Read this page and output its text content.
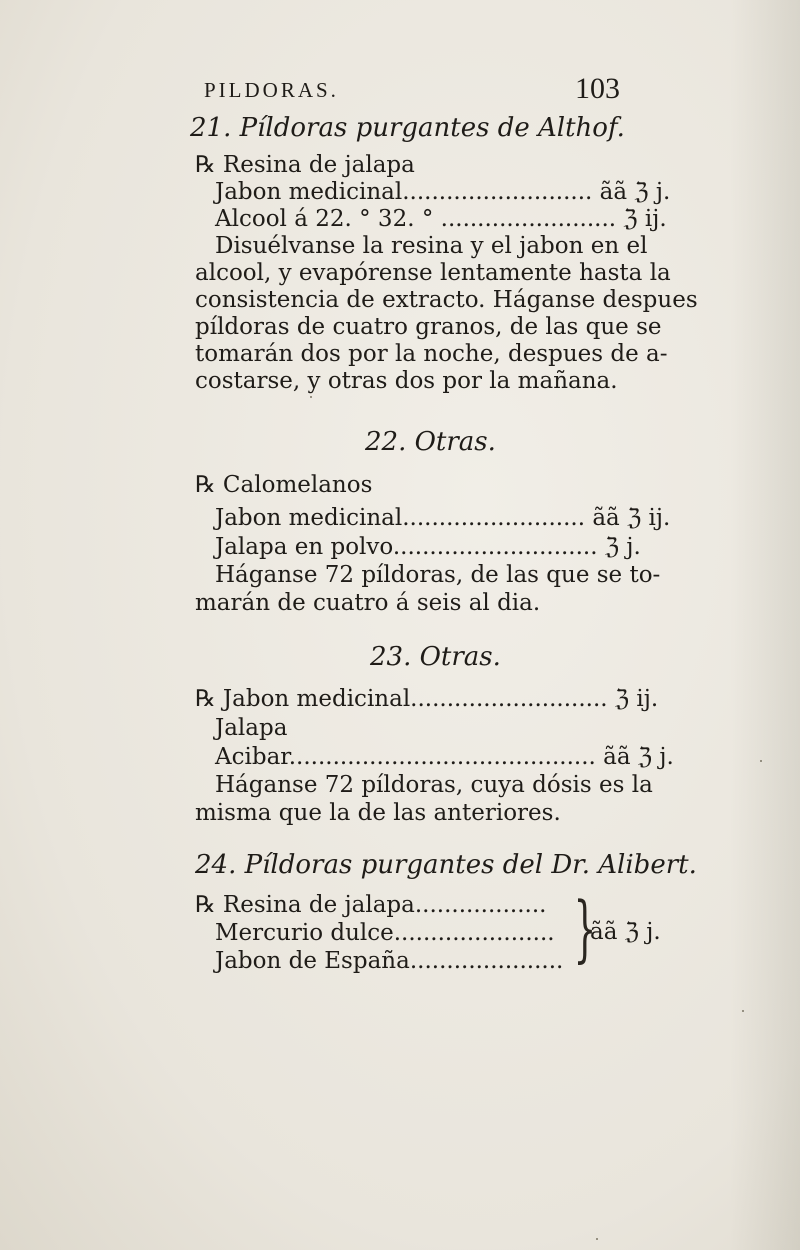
PILDORAS.	103
21. Píldoras purgantes de Althof.
℞ Resina de jalapa
Jabon medicinal.......................... ãã ℨ j.
Alcool á 22. ° 32. ° ........................ ℨ ij.
Disuélvanse la resina y el jabon en el
alcool, y evapórense lentamente hasta la
consistencia de extracto. Háganse despues
píldoras de cuatro granos, de las que se
tomarán dos por la noche, despues de a-
costarse, y otras dos por la mañana.
22. Otras.
℞ Calomelanos
Jabon medicinal......................... ãã ℨ ij.
Jalapa en polvo............................ ℨ j.
Háganse 72 píldoras, de las que se to-
marán de cuatro á seis al dia.
23. Otras.
℞ Jabon medicinal........................... ℨ ij.
Jalapa
Acibar.......................................... ãã ℨ j.
Háganse 72 píldoras, cuya dósis es la
misma que la de las anteriores.
24. Píldoras purgantes del Dr. Alibert.
℞ Resina de jalapa..................
Mercurio dulce......................
Jabon de España..................... }
ãã ℨ j.
